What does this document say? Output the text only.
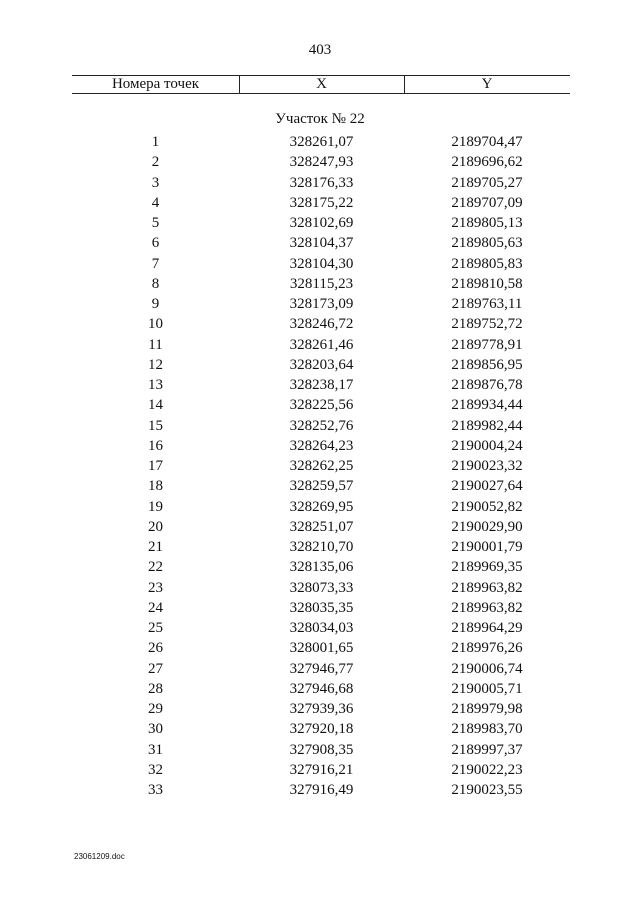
403
Номера точек	X	Y
Участок № 22
1	328261,07	2189704,47
2	328247,93	2189696,62
3	328176,33	2189705,27
4	328175,22	2189707,09
5	328102,69	2189805,13
6	328104,37	2189805,63
7	328104,30	2189805,83
8	328115,23	2189810,58
9	328173,09	2189763,11
10	328246,72	2189752,72
11	328261,46	2189778,91
12	328203,64	2189856,95
13	328238,17	2189876,78
14	328225,56	2189934,44
15	328252,76	2189982,44
16	328264,23	2190004,24
17	328262,25	2190023,32
18	328259,57	2190027,64
19	328269,95	2190052,82
20	328251,07	2190029,90
21	328210,70	2190001,79
22	328135,06	2189969,35
23	328073,33	2189963,82
24	328035,35	2189963,82
25	328034,03	2189964,29
26	328001,65	2189976,26
27	327946,77	2190006,74
28	327946,68	2190005,71
29	327939,36	2189979,98
30	327920,18	2189983,70
31	327908,35	2189997,37
32	327916,21	2190022,23
33	327916,49	2190023,55
23061209.doc
